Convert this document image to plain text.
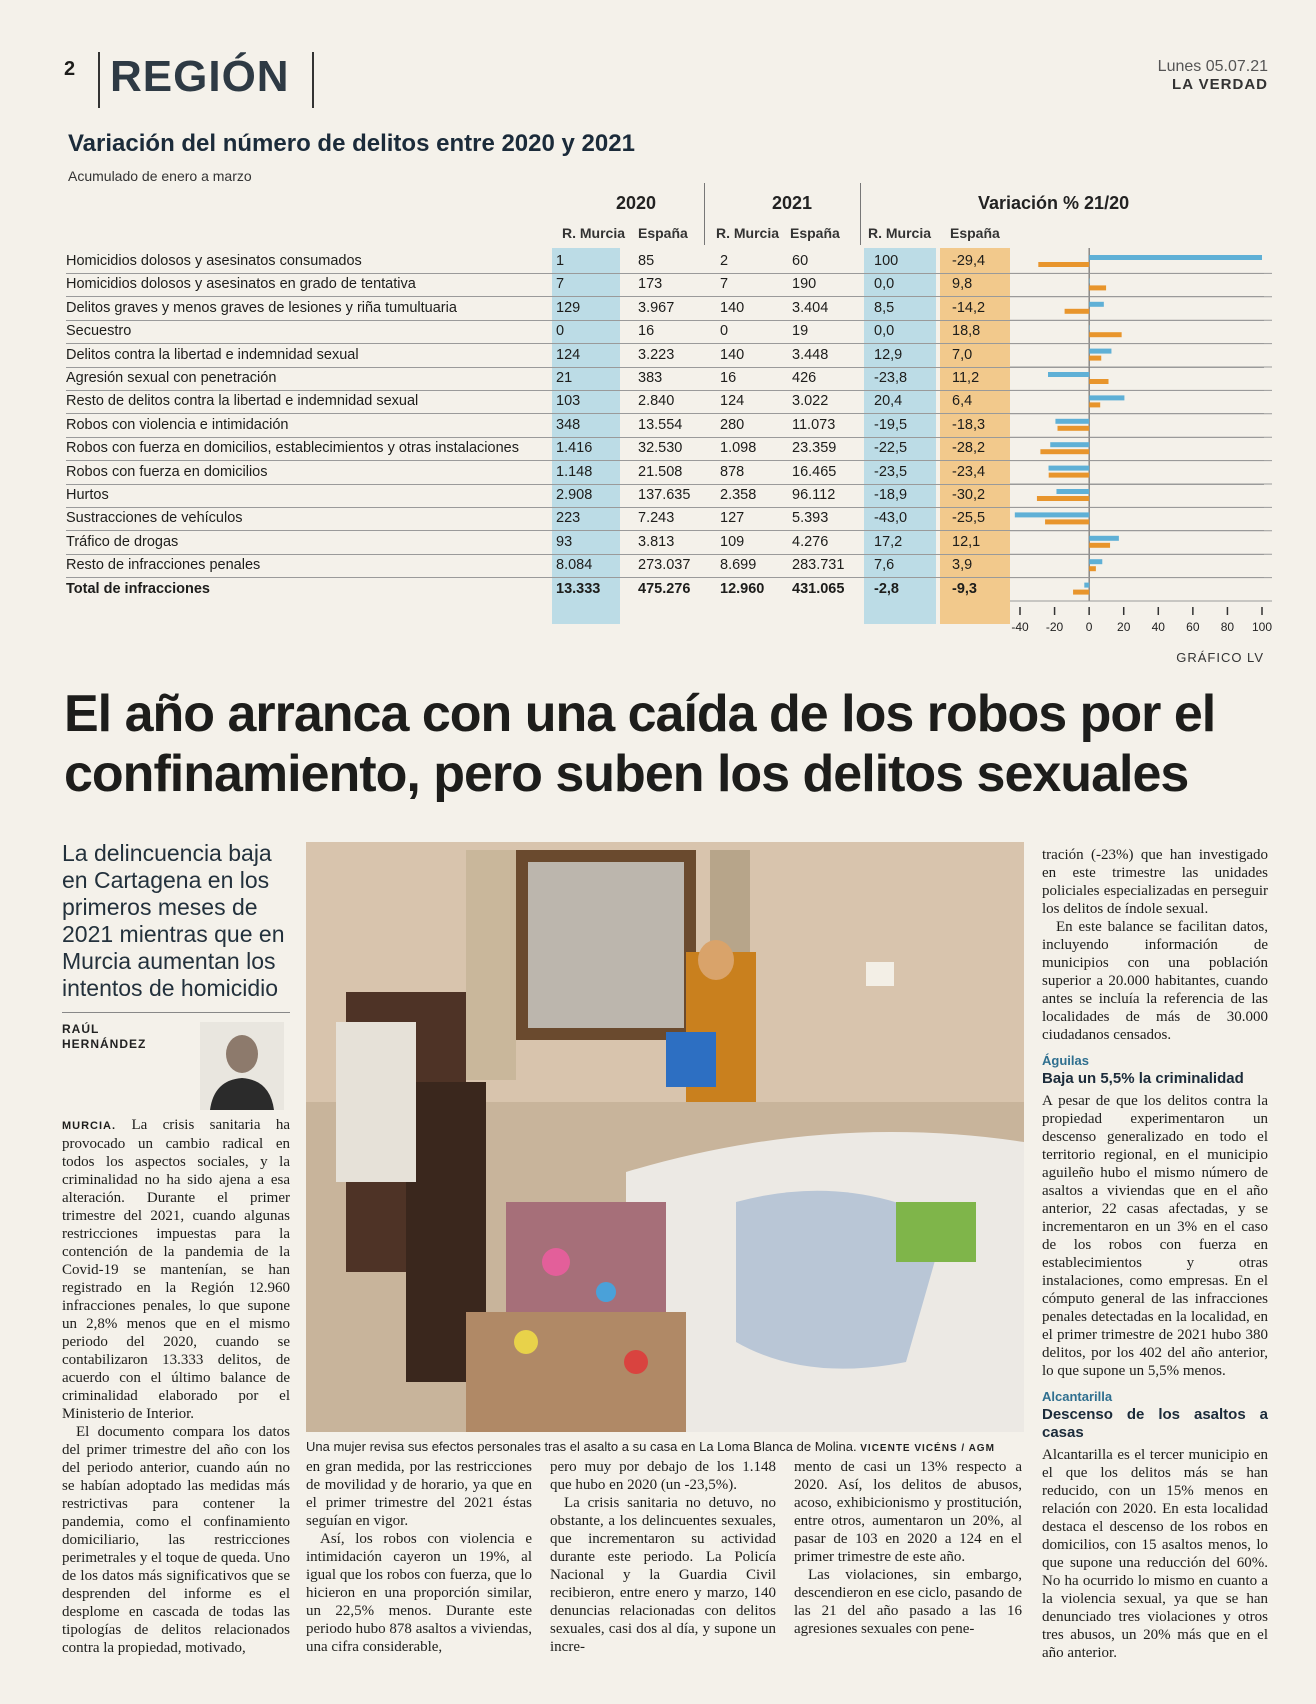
2 REGIÓN	Lunes 05.07.21
LA VERDAD
Variación del número de delitos entre 2020 y 2021
Acumulado de enero a marzo
2020	2021	Variación % 21/20
R. Murcia España R. Murcia España R. Murcia España
Homicidios dolosos y asesinatos consumados	1	85	2	60	100	-29,4
Homicidios dolosos y asesinatos en grado de tentativa	7	173	7	190	0,0	9,8
Delitos graves y menos graves de lesiones y riña tumultuaria	129	3.967	140	3.404	8,5	-14,2
Secuestro	0	16	0	19	0,0	18,8
Delitos contra la libertad e indemnidad sexual	124	3.223	140	3.448	12,9	7,0
Agresión sexual con penetración	21	383	16	426	-23,8	11,2
Resto de delitos contra la libertad e indemnidad sexual	103	2.840	124	3.022	20,4	6,4
Robos con violencia e intimidación	348	13.554	280	11.073	-19,5	-18,3
Robos con fuerza en domicilios, establecimientos y otras instalaciones	1.416	32.530	1.098 23.359	-22,5	-28,2
Robos con fuerza en domicilios	1.148	21.508	878	16.465	-23,5	-23,4
Hurtos	2.908	137.635 2.358 96.112	-18,9	-30,2
Sustracciones de vehículos	223	7.243	127	5.393	-43,0	-25,5
Tráfico de drogas	93	3.813	109	4.276	17,2	12,1
Resto de infracciones penales	8.084	273.037 8.699 283.731 7,6	3,9
Total de infracciones	13.333	475.276 12.960 431.065 -2,8	-9,3
-40 -20 0 20 40 60 80 100
GRÁFICO LV
El año arranca con una caída de los robos por el confinamiento, pero suben los delitos sexuales
La delincuencia baja en Cartagena en los primeros meses de 2021 mientras que en Murcia aumentan los intentos de homicidio
RAÚL
HERNÁNDEZ

MURCIA. La crisis sanitaria ha provocado un cambio radical en todos los aspectos sociales, y la criminalidad no ha sido ajena a esa alteración. Durante el primer trimestre del 2021, cuando algunas restricciones impuestas para la contención de la pandemia de la Covid-19 se mantenían, se han registrado en la Región 12.960 infracciones penales, lo que supone un 2,8% menos que en el mismo periodo del 2020, cuando se contabilizaron 13.333 delitos, de acuerdo con el último balance de criminalidad elaborado por el Ministerio de Interior.

El documento compara los datos del primer trimestre del año con los del periodo anterior, cuando aún no se habían adoptado las medidas más restrictivas para contener la pandemia, como el confinamiento domiciliario, las restricciones perimetrales y el toque de queda. Uno de los datos más significativos que se desprenden del informe es el desplome en cascada de todas las tipologías de delitos relacionados contra la propiedad, motivado,

Una mujer revisa sus efectos personales tras el asalto a su casa en La Loma Blanca de Molina. VICENTE VICÉNS / AGM

en gran medida, por las restricciones de movilidad y de horario, ya que en el primer trimestre del 2021 éstas seguían en vigor.

Así, los robos con violencia e intimidación cayeron un 19%, al igual que los robos con fuerza, que lo hicieron en una proporción similar, un 22,5% menos. Durante este periodo hubo 878 asaltos a viviendas, una cifra considerable,

pero muy por debajo de los 1.148 que hubo en 2020 (un -23,5%).

La crisis sanitaria no detuvo, no obstante, a los delincuentes sexuales, que incrementaron su actividad durante este periodo. La Policía Nacional y la Guardia Civil recibieron, entre enero y marzo, 140 denuncias relacionadas con delitos sexuales, casi dos al día, y supone un incre-

mento de casi un 13% respecto a 2020. Así, los delitos de abusos, acoso, exhibicionismo y prostitución, entre otros, aumentaron un 20%, al pasar de 103 en 2020 a 124 en el primer trimestre de este año.

Las violaciones, sin embargo, descendieron en ese ciclo, pasando de las 21 del año pasado a las 16 agresiones sexuales con pene-

tración (-23%) que han investigado en este trimestre las unidades policiales especializadas en perseguir los delitos de índole sexual.

En este balance se facilitan datos, incluyendo información de municipios con una población superior a 20.000 habitantes, cuando antes se incluía la referencia de las localidades de más de 30.000 ciudadanos censados.

Águilas
Baja un 5,5% la criminalidad

A pesar de que los delitos contra la propiedad experimentaron un descenso generalizado en todo el territorio regional, en el municipio aguileño hubo el mismo número de asaltos a viviendas que en el año anterior, 22 casas afectadas, y se incrementaron en un 3% en el caso de los robos con fuerza en establecimientos y otras instalaciones, como empresas. En el cómputo general de las infracciones penales detectadas en la localidad, en el primer trimestre de 2021 hubo 380 delitos, por los 402 del año anterior, lo que supone un 5,5% menos.

Alcantarilla
Descenso de los asaltos a casas

Alcantarilla es el tercer municipio en el que los delitos más se han reducido, con un 15% menos en relación con 2020. En esta localidad destaca el descenso de los robos en domicilios, con 15 asaltos menos, lo que supone una reducción del 60%. No ha ocurrido lo mismo en cuanto a la violencia sexual, ya que se han denunciado tres violaciones y otros tres abusos, un 20% más que en el año anterior.
